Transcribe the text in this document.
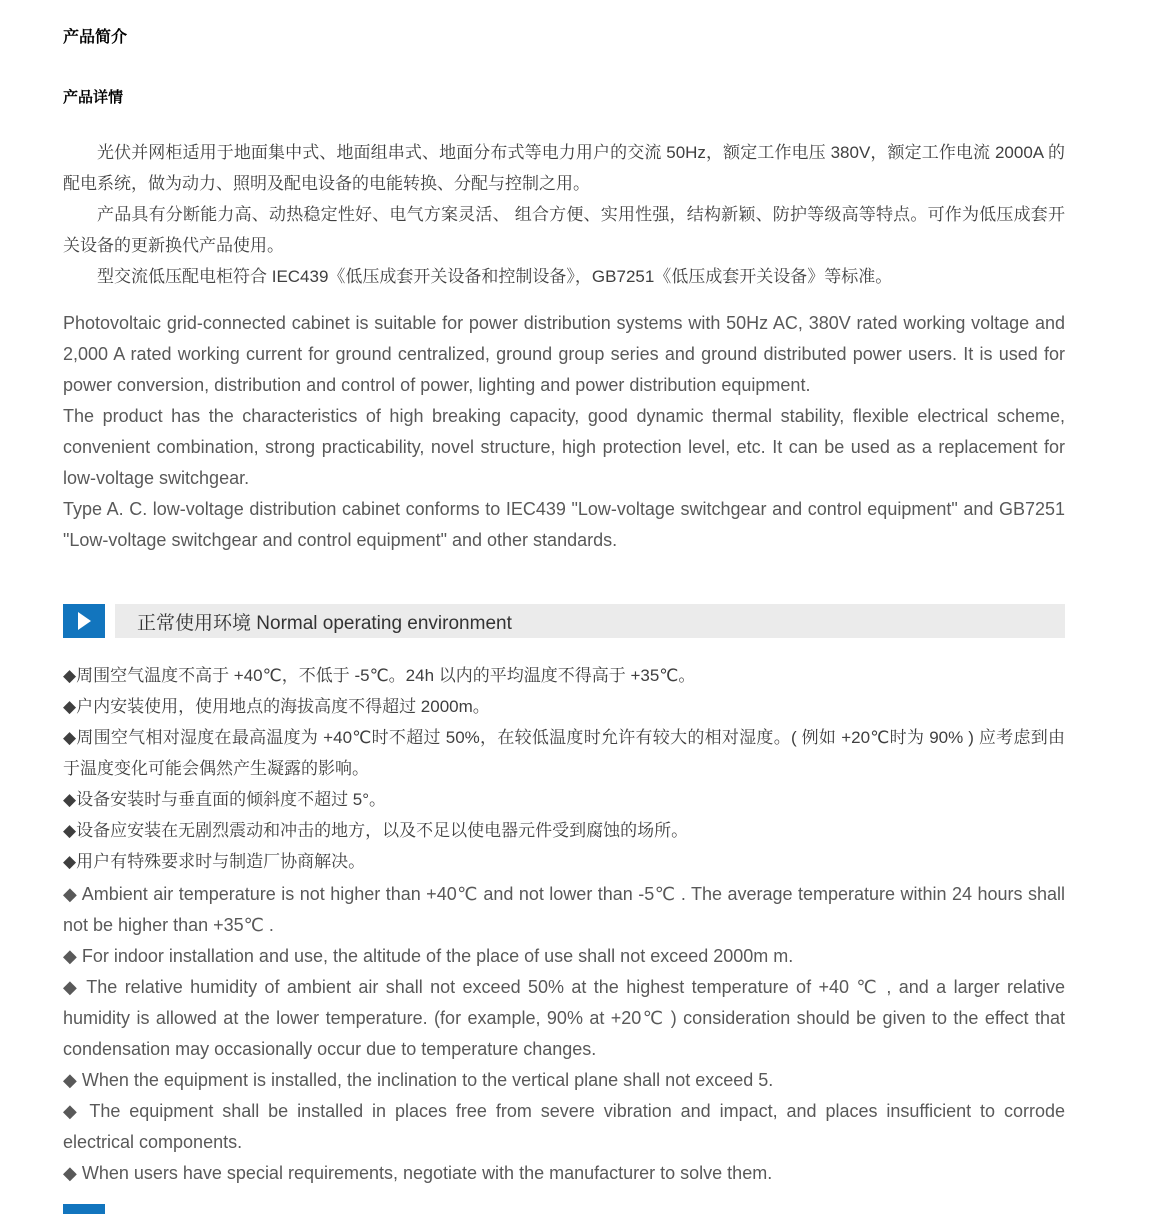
产品简介
产品详情

光伏并网柜适用于地面集中式、地面组串式、地面分布式等电力用户的交流 50Hz，额定工作电压 380V，额定工作电流 2000A 的配电系统，做为动力、照明及配电设备的电能转换、分配与控制之用。

产品具有分断能力高、动热稳定性好、电气方案灵活、 组合方便、实用性强，结构新颖、防护等级高等特点。可作为低压成套开关设备的更新换代产品使用。

型交流低压配电柜符合 IEC439《低压成套开关设备和控制设备》，GB7251《低压成套开关设备》等标准。

Photovoltaic grid-connected cabinet is suitable for power distribution systems with 50Hz AC, 380V rated working voltage and 2,000 A rated working current for ground centralized, ground group series and ground distributed power users. It is used for power conversion, distribution and control of power, lighting and power distribution equipment.

The product has the characteristics of high breaking capacity, good dynamic thermal stability, flexible electrical scheme, convenient combination, strong practicability, novel structure, high protection level, etc. It can be used as a replacement for low-voltage switchgear.

Type A. C. low-voltage distribution cabinet conforms to IEC439 "Low-voltage switchgear and control equipment" and GB7251 "Low-voltage switchgear and control equipment" and other standards.

正常使用环境 Normal operating environment

◆周围空气温度不高于 +40℃，不低于 -5℃。24h 以内的平均温度不得高于 +35℃。

◆户内安装使用，使用地点的海拔高度不得超过 2000m。

◆周围空气相对湿度在最高温度为 +40℃时不超过 50%，在较低温度时允许有较大的相对湿度。( 例如 +20℃时为 90% ) 应考虑到由于温度变化可能会偶然产生凝露的影响。

◆设备安装时与垂直面的倾斜度不超过 5°。

◆设备应安装在无剧烈震动和冲击的地方，以及不足以使电器元件受到腐蚀的场所。

◆用户有特殊要求时与制造厂协商解决。

◆ Ambient air temperature is not higher than +40℃ and not lower than -5℃ . The average temperature within 24 hours shall not be higher than +35℃ .

◆ For indoor installation and use, the altitude of the place of use shall not exceed 2000m m.

◆ The relative humidity of ambient air shall not exceed 50% at the highest temperature of +40 ℃ , and a larger relative humidity is allowed at the lower temperature. (for example, 90% at +20℃ ) consideration should be given to the effect that condensation may occasionally occur due to temperature changes.

◆ When the equipment is installed, the inclination to the vertical plane shall not exceed 5.

◆ The equipment shall be installed in places free from severe vibration and impact, and places insufficient to corrode electrical components.

◆ When users have special requirements, negotiate with the manufacturer to solve them.
